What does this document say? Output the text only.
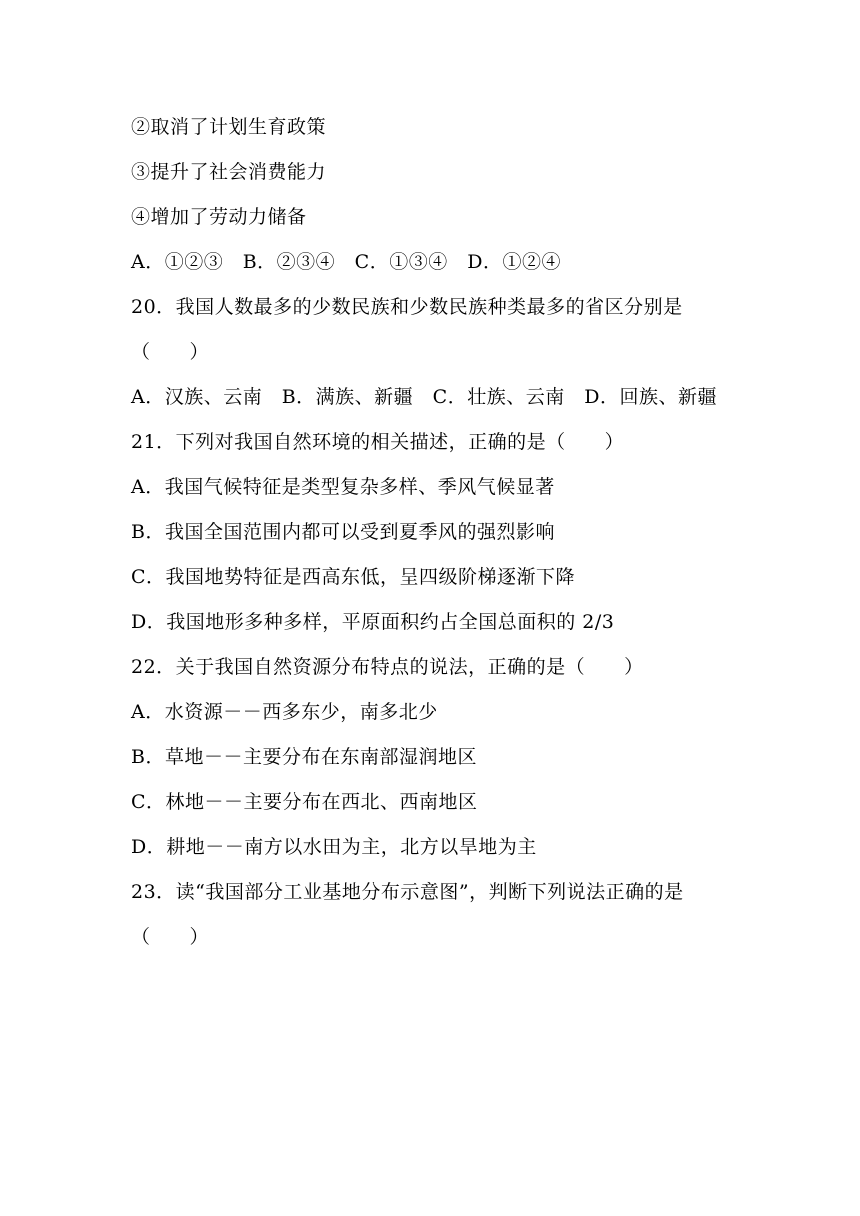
②取消了计划生育政策
③提升了社会消费能力
④增加了劳动力储备
A．①②③　B．②③④　C．①③④　D．①②④
20．我国人数最多的少数民族和少数民族种类最多的省区分别是
（　　）
A．汉族、云南　B．满族、新疆　C．壮族、云南　D．回族、新疆
21．下列对我国自然环境的相关描述，正确的是（　　）
A．我国气候特征是类型复杂多样、季风气候显著
B．我国全国范围内都可以受到夏季风的强烈影响
C．我国地势特征是西高东低，呈四级阶梯逐渐下降
D．我国地形多种多样，平原面积约占全国总面积的 2/3
22．关于我国自然资源分布特点的说法，正确的是（　　）
A．水资源－－西多东少，南多北少
B．草地－－主要分布在东南部湿润地区
C．林地－－主要分布在西北、西南地区
D．耕地－－南方以水田为主，北方以旱地为主
23．读“我国部分工业基地分布示意图”，判断下列说法正确的是
（　　）
